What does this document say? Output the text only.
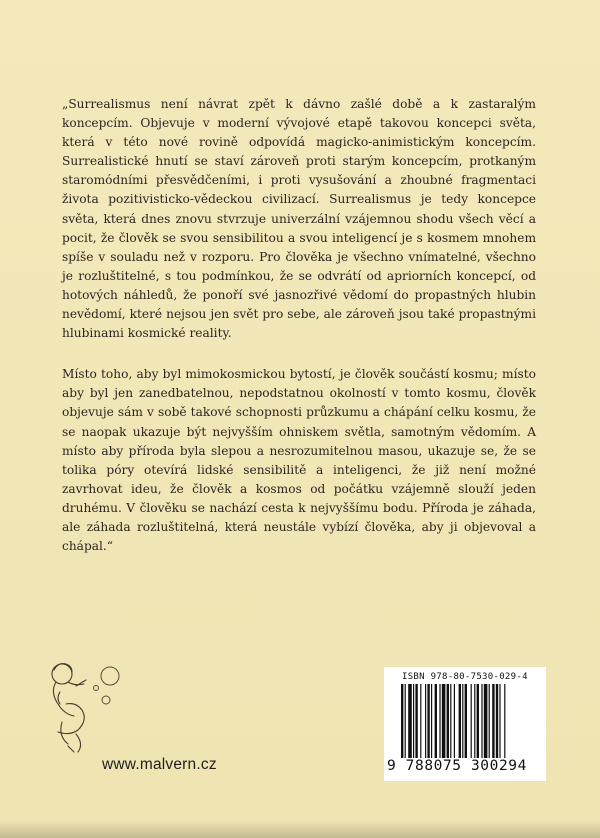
„Surrealismus není návrat zpět k dávno zašlé době a k zastaralým koncepcím. Objevuje v moderní vývojové etapě takovou koncepci světa, která v této nové rovině odpovídá magicko-animistickým koncepcím. Surrealistické hnutí se staví zároveň proti starým koncepcím, protkaným staromódními přesvědčeními, i proti vysušování a zhoubné fragmentaci života pozitivisticko-vědeckou civilizací. Surrealismus je tedy koncepce světa, která dnes znovu stvrzuje univerzální vzájemnou shodu všech věcí a pocit, že člověk se svou sensibilitou a svou inteligencí je s kosmem mnohem spíše v souladu než v rozporu. Pro člověka je všechno vnímatelné, všechno je rozluštitelné, s tou podmínkou, že se odvrátí od apriorních koncepcí, od hotových náhledů, že ponoří své jasnozřivé vědomí do propastných hlubin nevědomí, které nejsou jen svět pro sebe, ale zároveň jsou také propastnými hlubinami kosmické reality.

Místo toho, aby byl mimokosmickou bytostí, je člověk součástí kosmu; místo aby byl jen zanedbatelnou, nepodstatnou okolností v tomto kosmu, člověk objevuje sám v sobě takové schopnosti průzkumu a chápání celku kosmu, že se naopak ukazuje být nejvyšším ohniskem světla, samotným vědomím. A místo aby příroda byla slepou a nesrozumitelnou masou, ukazuje se, že se tolika póry otevírá lidské sensibilitě a inteligenci, že již není možné zavrhovat ideu, že člověk a kosmos od počátku vzájemně slouží jeden druhému. V člověku se nachází cesta k nejvyššímu bodu. Příroda je záhada, ale záhada rozluštitelná, která neustále vybízí člověka, aby ji objevoval a chápal.“

www.malvern.cz
ISBN 978-80-7530-029-4
9 788075 300294
